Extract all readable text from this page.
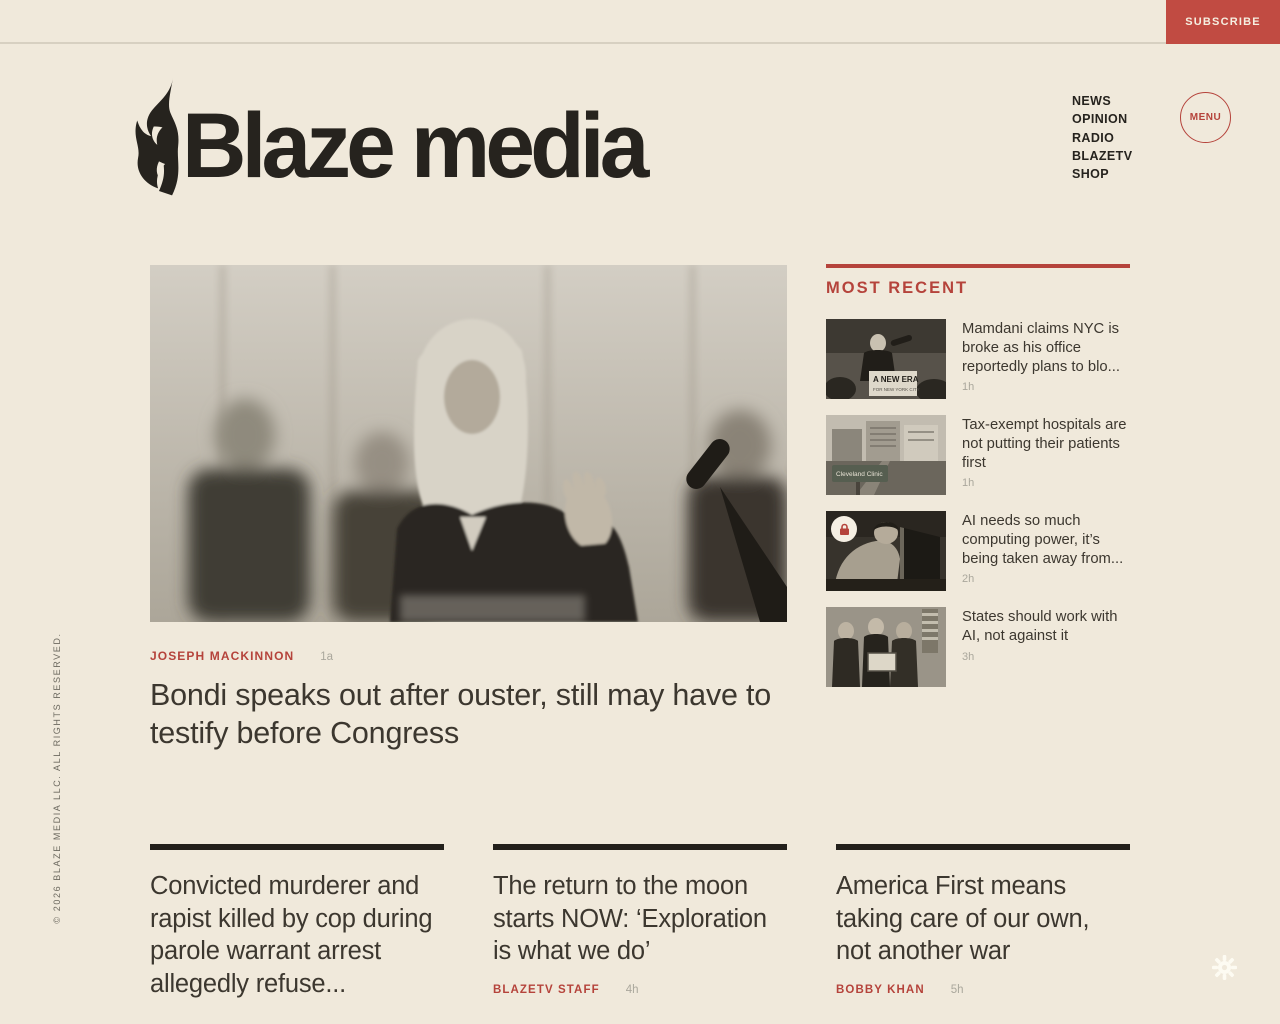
SUBSCRIBE
Blaze media	NEWS
OPINION
RADIO
BLAZETV
SHOP
MENU
JOSEPH MACKINNON 1a
Bondi speaks out after ouster, still may have to testify before Congress
MOST RECENT
A NEW ERA
FOR NEW YORK CITY
Mamdani claims NYC is broke as his office reportedly plans to blo...
1h
Cleveland Clinic
Tax-exempt hospitals are not putting their patients first
1h
AI needs so much computing power, it’s being taken away from...
2h
States should work with AI, not against it
3h
Convicted murderer and rapist killed by cop during parole warrant arrest allegedly refuse...
The return to the moon starts NOW: ‘Exploration is what we do’
BLAZETV STAFF 4h
America First means taking care of our own, not another war
BOBBY KHAN 5h
© 2026 BLAZE MEDIA LLC. ALL RIGHTS RESERVED.
